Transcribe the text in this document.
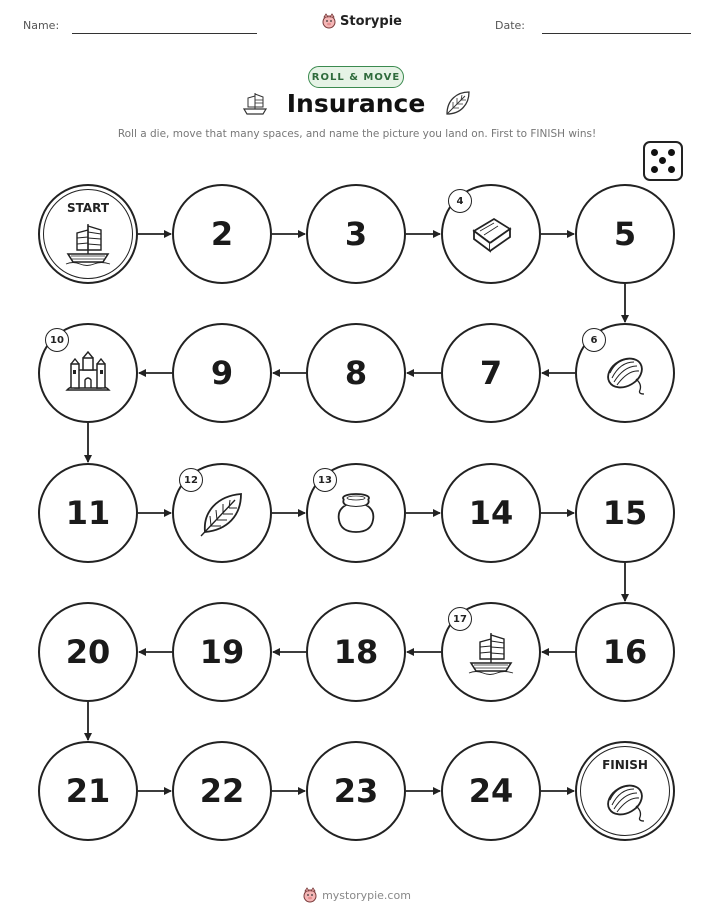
Name:	Storypie	Date:
ROLL & MOVE
Insurance
Roll a die, move that many spaces, and name the picture you land on. First to FINISH wins!
START
2	3
4
5
6
7
8
9
10
11
12	13
14	15
16
17
18
19
20
21	22	23	24
FINISH
mystorypie.com
